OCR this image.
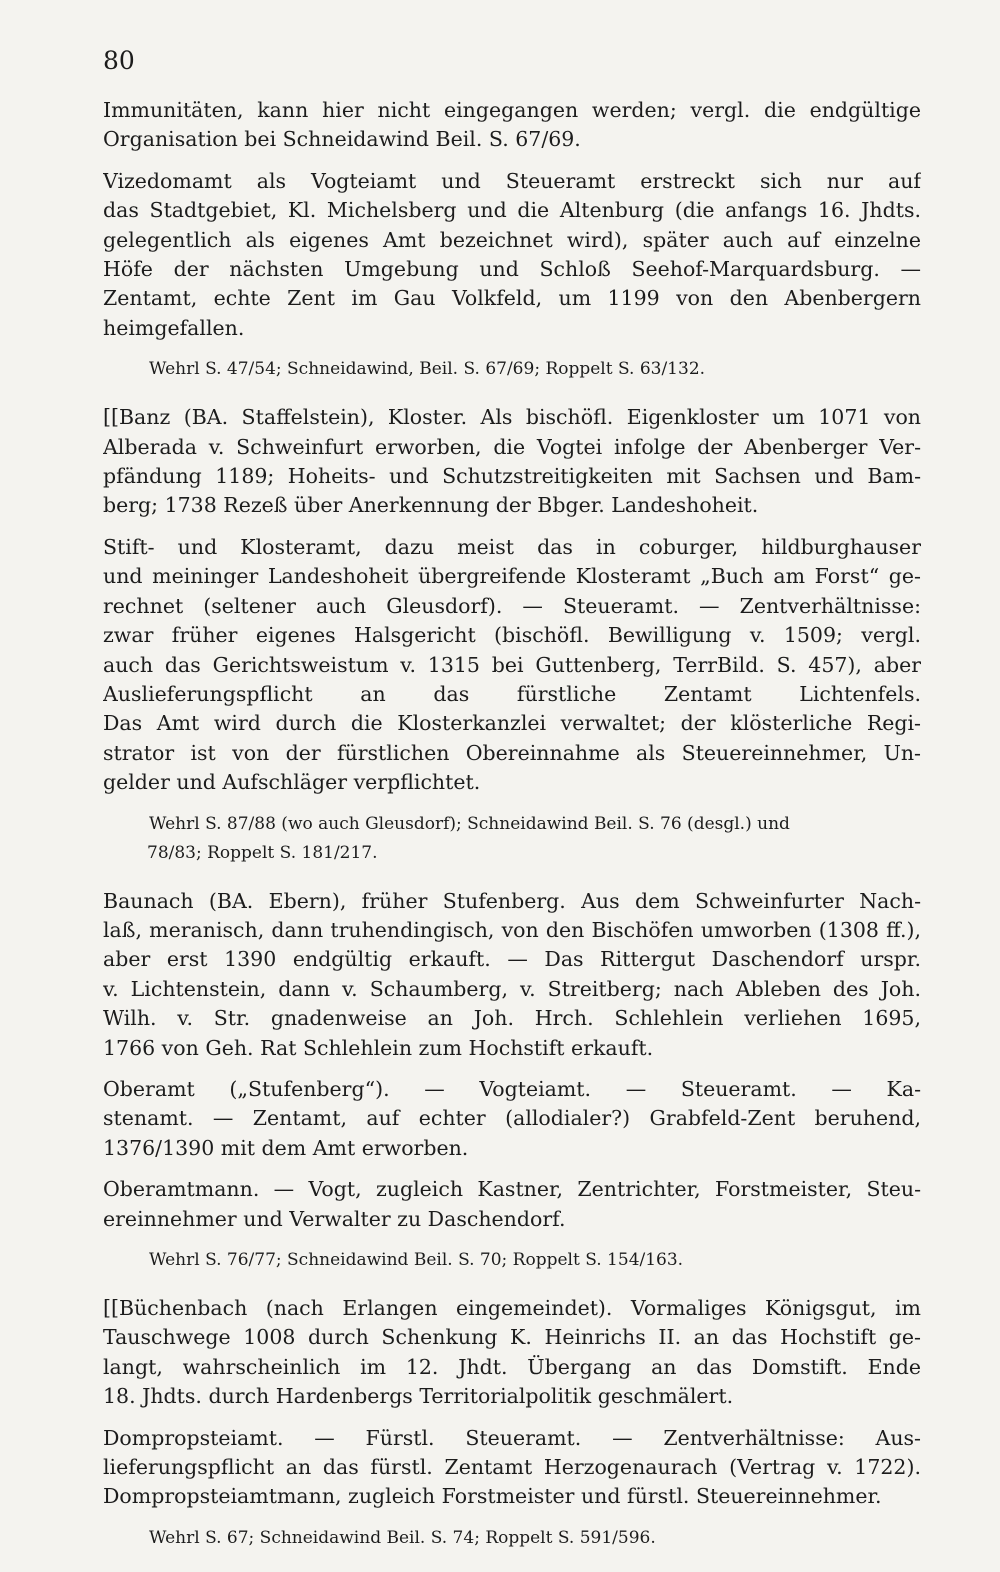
80

Immunitäten, kann hier nicht eingegangen werden; vergl. die endgültige
Organisation bei Schneidawind Beil. S. 67/69.
Vizedomamt als Vogteiamt und Steueramt erstreckt sich nur auf
das Stadtgebiet, Kl. Michelsberg und die Altenburg (die anfangs 16. Jhdts.
gelegentlich als eigenes Amt bezeichnet wird), später auch auf einzelne
Höfe der nächsten Umgebung und Schloß Seehof-Marquardsburg. —
Zentamt, echte Zent im Gau Volkfeld, um 1199 von den Abenbergern
heimgefallen.
Wehrl S. 47/54; Schneidawind, Beil. S. 67/69; Roppelt S. 63/132.
[[Banz (BA. Staffelstein), Kloster. Als bischöfl. Eigenkloster um 1071 von
Alberada v. Schweinfurt erworben, die Vogtei infolge der Abenberger Ver-
pfändung 1189; Hoheits- und Schutzstreitigkeiten mit Sachsen und Bam-
berg; 1738 Rezeß über Anerkennung der Bbger. Landeshoheit.
Stift- und Klosteramt, dazu meist das in coburger, hildburghauser
und meininger Landeshoheit übergreifende Klosteramt „Buch am Forst“ ge-
rechnet (seltener auch Gleusdorf). — Steueramt. — Zentverhältnisse:
zwar früher eigenes Halsgericht (bischöfl. Bewilligung v. 1509; vergl.
auch das Gerichtsweistum v. 1315 bei Guttenberg, TerrBild. S. 457), aber
Auslieferungspflicht an das fürstliche Zentamt Lichtenfels.
Das Amt wird durch die Klosterkanzlei verwaltet; der klösterliche Regi-
strator ist von der fürstlichen Obereinnahme als Steuereinnehmer, Un-
gelder und Aufschläger verpflichtet.
Wehrl S. 87/88 (wo auch Gleusdorf); Schneidawind Beil. S. 76 (desgl.) und
78/83; Roppelt S. 181/217.
Baunach (BA. Ebern), früher Stufenberg. Aus dem Schweinfurter Nach-
laß, meranisch, dann truhendingisch, von den Bischöfen umworben (1308 ff.),
aber erst 1390 endgültig erkauft. — Das Rittergut Daschendorf urspr.
v. Lichtenstein, dann v. Schaumberg, v. Streitberg; nach Ableben des Joh.
Wilh. v. Str. gnadenweise an Joh. Hrch. Schlehlein verliehen 1695,
1766 von Geh. Rat Schlehlein zum Hochstift erkauft.
Oberamt („Stufenberg“). — Vogteiamt. — Steueramt. — Ka-
stenamt. — Zentamt, auf echter (allodialer?) Grabfeld-Zent beruhend,
1376/1390 mit dem Amt erworben.
Oberamtmann. — Vogt, zugleich Kastner, Zentrichter, Forstmeister, Steu-
ereinnehmer und Verwalter zu Daschendorf.
Wehrl S. 76/77; Schneidawind Beil. S. 70; Roppelt S. 154/163.
[[Büchenbach (nach Erlangen eingemeindet). Vormaliges Königsgut, im
Tauschwege 1008 durch Schenkung K. Heinrichs II. an das Hochstift ge-
langt, wahrscheinlich im 12. Jhdt. Übergang an das Domstift. Ende
18. Jhdts. durch Hardenbergs Territorialpolitik geschmälert.
Dompropsteiamt. — Fürstl. Steueramt. — Zentverhältnisse: Aus-
lieferungspflicht an das fürstl. Zentamt Herzogenaurach (Vertrag v. 1722).
Dompropsteiamtmann, zugleich Forstmeister und fürstl. Steuereinnehmer.
Wehrl S. 67; Schneidawind Beil. S. 74; Roppelt S. 591/596.
